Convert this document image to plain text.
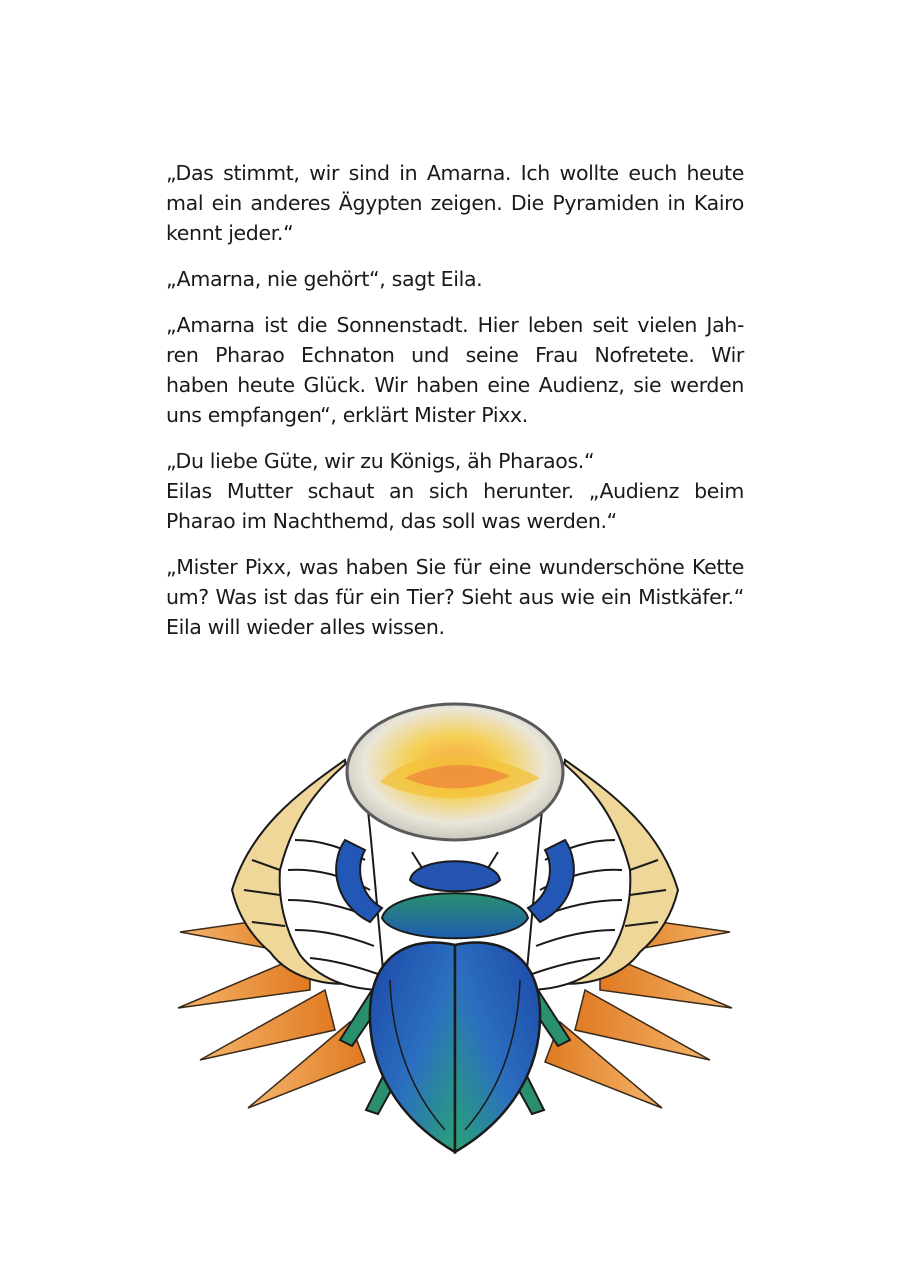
„Das stimmt, wir sind in Amarna. Ich wollte euch heute
mal ein anderes Ägypten zeigen. Die Pyramiden in Kairo
kennt jeder.“

„Amarna, nie gehört“, sagt Eila.

„Amarna ist die Sonnenstadt. Hier leben seit vielen Jah-
ren Pharao Echnaton und seine Frau Nofretete. Wir
haben heute Glück. Wir haben eine Audienz, sie werden
uns empfangen“, erklärt Mister Pixx.

„Du liebe Güte, wir zu Königs, äh Pharaos.“
Eilas Mutter schaut an sich herunter. „Audienz beim
Pharao im Nachthemd, das soll was werden.“

„Mister Pixx, was haben Sie für eine wunderschöne Kette
um? Was ist das für ein Tier? Sieht aus wie ein Mistkäfer.“
Eila will wieder alles wissen.
